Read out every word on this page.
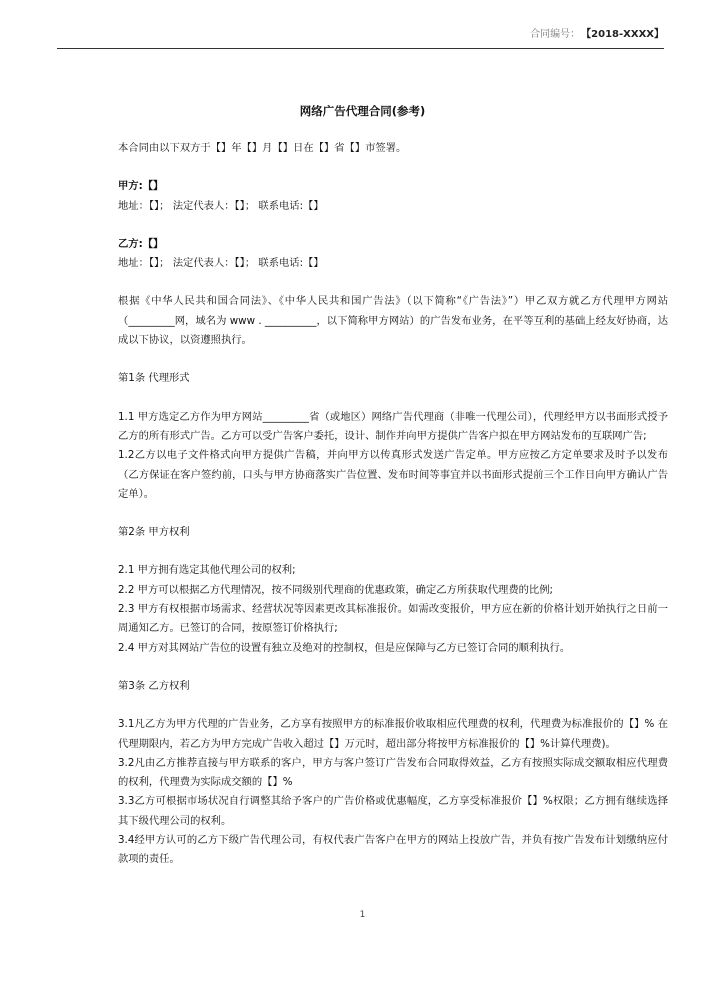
合同编号： 【2018-XXXX】
网络广告代理合同(参考)

本合同由以下双方于【】年【】月【】日在【】省【】市签署。

甲方:【】

地址：【】； 法定代表人：【】； 联系电话:【】

乙方:【】

地址：【】； 法定代表人：【】； 联系电话:【】

根据《中华人民共和国合同法》、《中华人民共和国广告法》（以下简称“《广告法》”）甲乙双方就乙方代理甲方网站（_________网，域名为 www . __________，以下简称甲方网站）的广告发布业务，在平等互利的基础上经友好协商，达成以下协议，以资遵照执行。

第1条 代理形式

1.1 甲方选定乙方作为甲方网站_________省（或地区）网络广告代理商（非唯一代理公司），代理经甲方以书面形式授予乙方的所有形式广告。乙方可以受广告客户委托，设计、制作并向甲方提供广告客户拟在甲方网站发布的互联网广告;

1.2乙方以电子文件格式向甲方提供广告稿，并向甲方以传真形式发送广告定单。甲方应按乙方定单要求及时予以发布（乙方保证在客户签约前，口头与甲方协商落实广告位置、发布时间等事宜并以书面形式提前三个工作日向甲方确认广告定单）。

第2条 甲方权利

2.1 甲方拥有选定其他代理公司的权利;

2.2 甲方可以根据乙方代理情况，按不同级别代理商的优惠政策，确定乙方所获取代理费的比例;

2.3 甲方有权根据市场需求、经营状况等因素更改其标准报价。如需改变报价，甲方应在新的价格计划开始执行之日前一周通知乙方。已签订的合同，按原签订价格执行;

2.4 甲方对其网站广告位的设置有独立及绝对的控制权，但是应保障与乙方已签订合同的顺利执行。

第3条 乙方权利

3.1凡乙方为甲方代理的广告业务，乙方享有按照甲方的标准报价收取相应代理费的权利，代理费为标准报价的【】% 在代理期限内，若乙方为甲方完成广告收入超过【】万元时，超出部分将按甲方标准报价的【】%计算代理费)。

3.2凡由乙方推荐直接与甲方联系的客户，甲方与客户签订广告发布合同取得效益，乙方有按照实际成交额取相应代理费的权利，代理费为实际成交额的【】%

3.3乙方可根据市场状况自行调整其给予客户的广告价格或优惠幅度，乙方享受标准报价【】%权限；乙方拥有继续选择其下级代理公司的权利。

3.4经甲方认可的乙方下级广告代理公司，有权代表广告客户在甲方的网站上投放广告，并负有按广告发布计划缴纳应付款项的责任。

1
